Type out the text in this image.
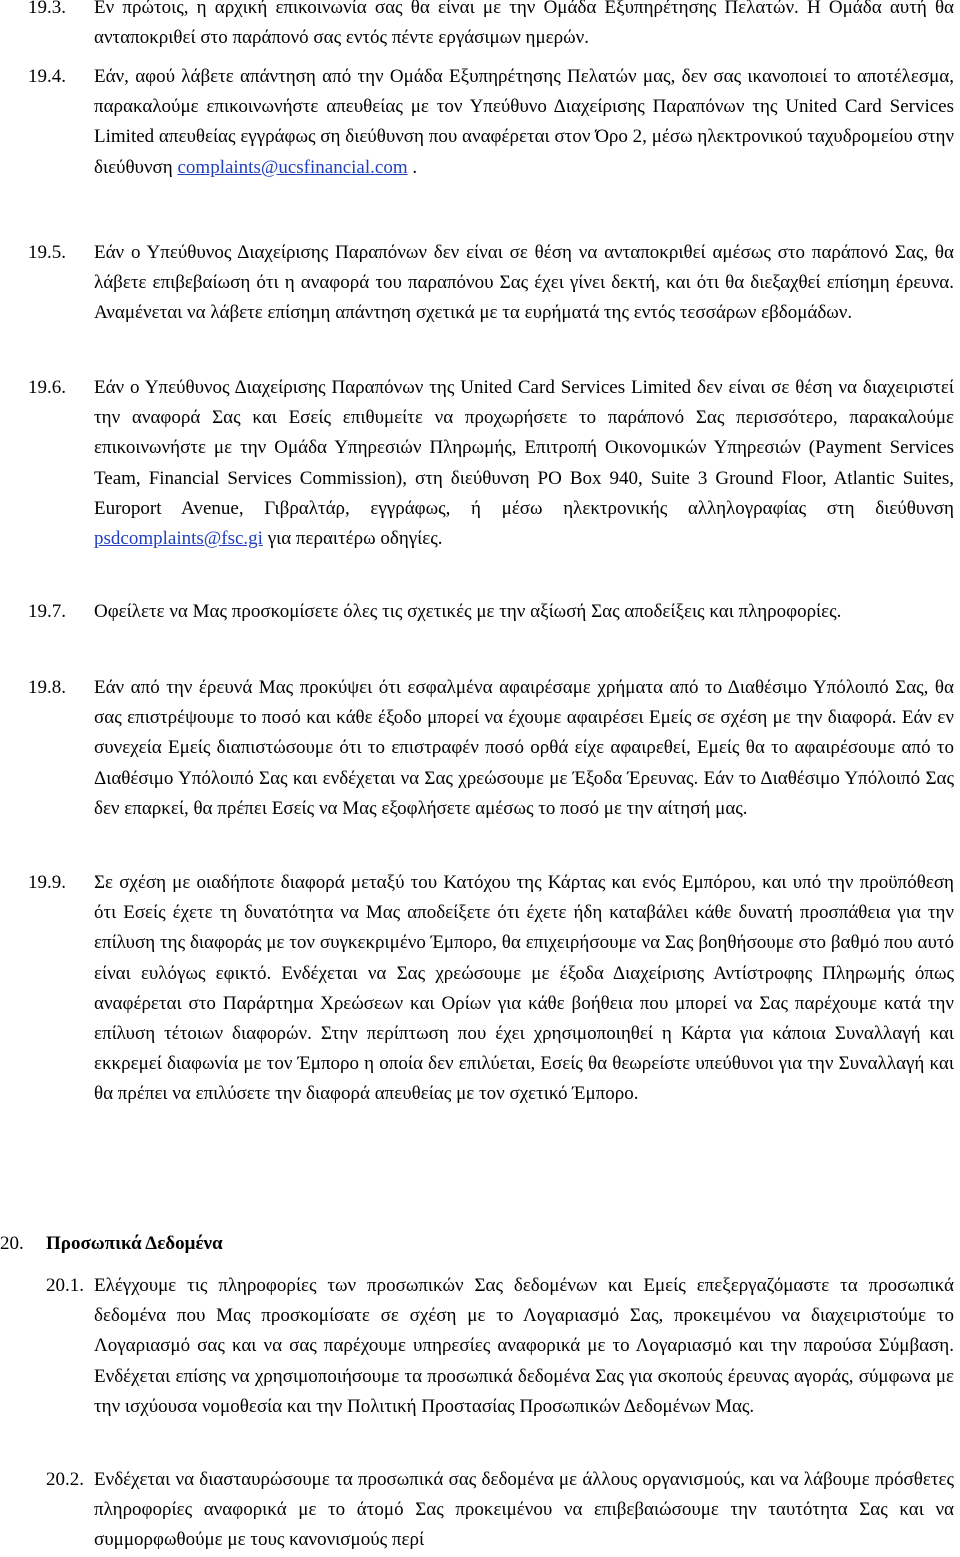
19.3.	Εν πρώτοις, η αρχική επικοινωνία σας θα είναι με την Ομάδα Εξυπηρέτησης Πελατών. Η Ομάδα αυτή θα ανταποκριθεί στο παράπονό σας εντός πέντε εργάσιμων ημερών.
19.4.	Εάν, αφού λάβετε απάντηση από την Ομάδα Εξυπηρέτησης Πελατών μας, δεν σας ικανοποιεί το αποτέλεσμα, παρακαλούμε επικοινωνήστε απευθείας με τον Υπεύθυνο Διαχείρισης Παραπόνων της United Card Services Limited απευθείας εγγράφως ση διεύθυνση που αναφέρεται στον Όρο 2, μέσω ηλεκτρονικού ταχυδρομείου στην διεύθυνση complaints@ucsfinancial.com .
19.5.	Εάν ο Υπεύθυνος Διαχείρισης Παραπόνων δεν είναι σε θέση να ανταποκριθεί αμέσως στο παράπονό Σας, θα λάβετε επιβεβαίωση ότι η αναφορά του παραπόνου Σας έχει γίνει δεκτή, και ότι θα διεξαχθεί επίσημη έρευνα. Αναμένεται να λάβετε επίσημη απάντηση σχετικά με τα ευρήματά της εντός τεσσάρων εβδομάδων.
19.6.	Εάν ο Υπεύθυνος Διαχείρισης Παραπόνων της United Card Services Limited δεν είναι σε θέση να διαχειριστεί την αναφορά Σας και Εσείς επιθυμείτε να προχωρήσετε το παράπονό Σας περισσότερο, παρακαλούμε επικοινωνήστε με την Ομάδα Υπηρεσιών Πληρωμής, Επιτροπή Οικονομικών Υπηρεσιών (Payment Services Team, Financial Services Commission), στη διεύθυνση PO Box 940, Suite 3 Ground Floor, Atlantic Suites, Europort Avenue, Γιβραλτάρ, εγγράφως, ή μέσω ηλεκτρονικής αλληλογραφίας στη διεύθυνση psdcomplaints@fsc.gi για περαιτέρω οδηγίες.
19.7.	Οφείλετε να Μας προσκομίσετε όλες τις σχετικές με την αξίωσή Σας αποδείξεις και πληροφορίες.
19.8.	Εάν από την έρευνά Μας προκύψει ότι εσφαλμένα αφαιρέσαμε χρήματα από το Διαθέσιμο Υπόλοιπό Σας, θα σας επιστρέψουμε το ποσό και κάθε έξοδο μπορεί να έχουμε αφαιρέσει Εμείς σε σχέση με την διαφορά. Εάν εν συνεχεία Εμείς διαπιστώσουμε ότι το επιστραφέν ποσό ορθά είχε αφαιρεθεί, Εμείς θα το αφαιρέσουμε από το Διαθέσιμο Υπόλοιπό Σας και ενδέχεται να Σας χρεώσουμε με Έξοδα Έρευνας. Εάν το Διαθέσιμο Υπόλοιπό Σας δεν επαρκεί, θα πρέπει Εσείς να Μας εξοφλήσετε αμέσως το ποσό με την αίτησή μας.
19.9.	Σε σχέση με οιαδήποτε διαφορά μεταξύ του Κατόχου της Κάρτας και ενός Εμπόρου, και υπό την προϋπόθεση ότι Εσείς έχετε τη δυνατότητα να Μας αποδείξετε ότι έχετε ήδη καταβάλει κάθε δυνατή προσπάθεια για την επίλυση της διαφοράς με τον συγκεκριμένο Έμπορο, θα επιχειρήσουμε να Σας βοηθήσουμε στο βαθμό που αυτό είναι ευλόγως εφικτό. Ενδέχεται να Σας χρεώσουμε με έξοδα Διαχείρισης Αντίστροφης Πληρωμής όπως αναφέρεται στο Παράρτημα Χρεώσεων και Ορίων για κάθε βοήθεια που μπορεί να Σας παρέχουμε κατά την επίλυση τέτοιων διαφορών. Στην περίπτωση που έχει χρησιμοποιηθεί η Κάρτα για κάποια Συναλλαγή και εκκρεμεί διαφωνία με τον Έμπορο η οποία δεν επιλύεται, Εσείς θα θεωρείστε υπεύθυνοι για την Συναλλαγή και θα πρέπει να επιλύσετε την διαφορά απευθείας με τον σχετικό Έμπορο.
20.	Προσωπικά Δεδομένα
20.1. Ελέγχουμε τις πληροφορίες των προσωπικών Σας δεδομένων και Εμείς επεξεργαζόμαστε τα προσωπικά δεδομένα που Μας προσκομίσατε σε σχέση με το Λογαριασμό Σας, προκειμένου να διαχειριστούμε το Λογαριασμό σας και να σας παρέχουμε υπηρεσίες αναφορικά με το Λογαριασμό και την παρούσα Σύμβαση. Ενδέχεται επίσης να χρησιμοποιήσουμε τα προσωπικά δεδομένα Σας για σκοπούς έρευνας αγοράς, σύμφωνα με την ισχύουσα νομοθεσία και την Πολιτική Προστασίας Προσωπικών Δεδομένων Μας.
20.2. Ενδέχεται να διασταυρώσουμε τα προσωπικά σας δεδομένα με άλλους οργανισμούς, και να λάβουμε πρόσθετες πληροφορίες αναφορικά με το άτομό Σας προκειμένου να επιβεβαιώσουμε την ταυτότητα Σας και να συμμορφωθούμε με τους κανονισμούς περί
